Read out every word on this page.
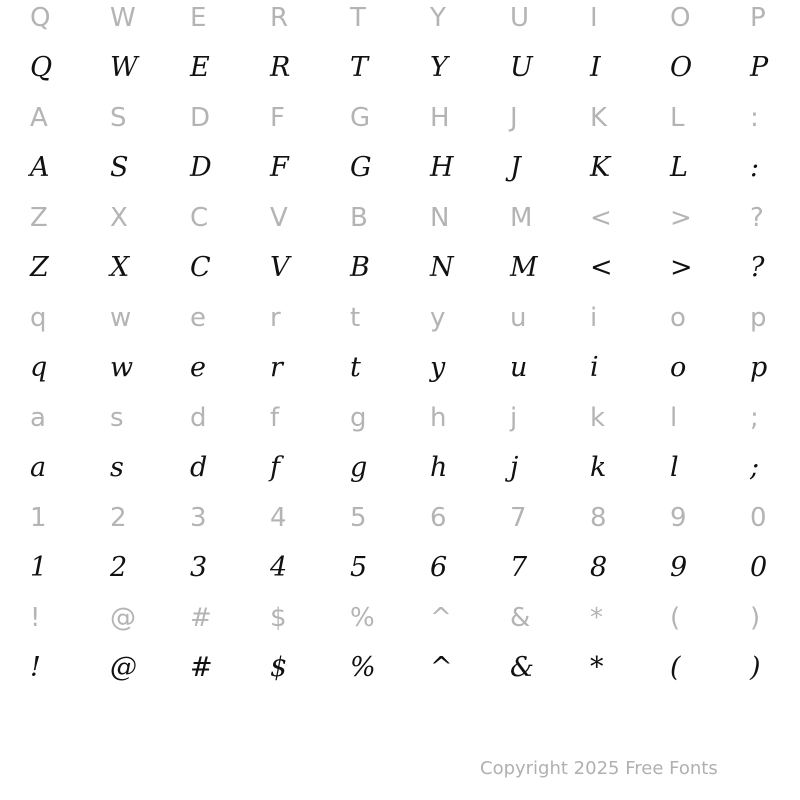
Q	W	E	R	T	Y	U	I	O	P
Q	W	E	R	T	Y	U	I	O	P
A	S	D	F	G	H	J	K	L	:
A	S	D	F	G	H	J	K	L	:
Z	X	C	V	B	N	M	<	>	?
Z	X	C	V	B	N	M	<	>	?
q	w	e	r	t	y	u	i	o	p
q	w	e	r	t	y	u	i	o	p
a	s	d	f	g	h	j	k	l	;
a	s	d	f	g	h	j	k	l	;
1	2	3	4	5	6	7	8	9	0
1	2	3	4	5	6	7	8	9	0
!	@	#	$	%	^	&	*	(	)
!	@	#	$	%	^	&	*	(	)
Copyright 2025 Free Fonts
